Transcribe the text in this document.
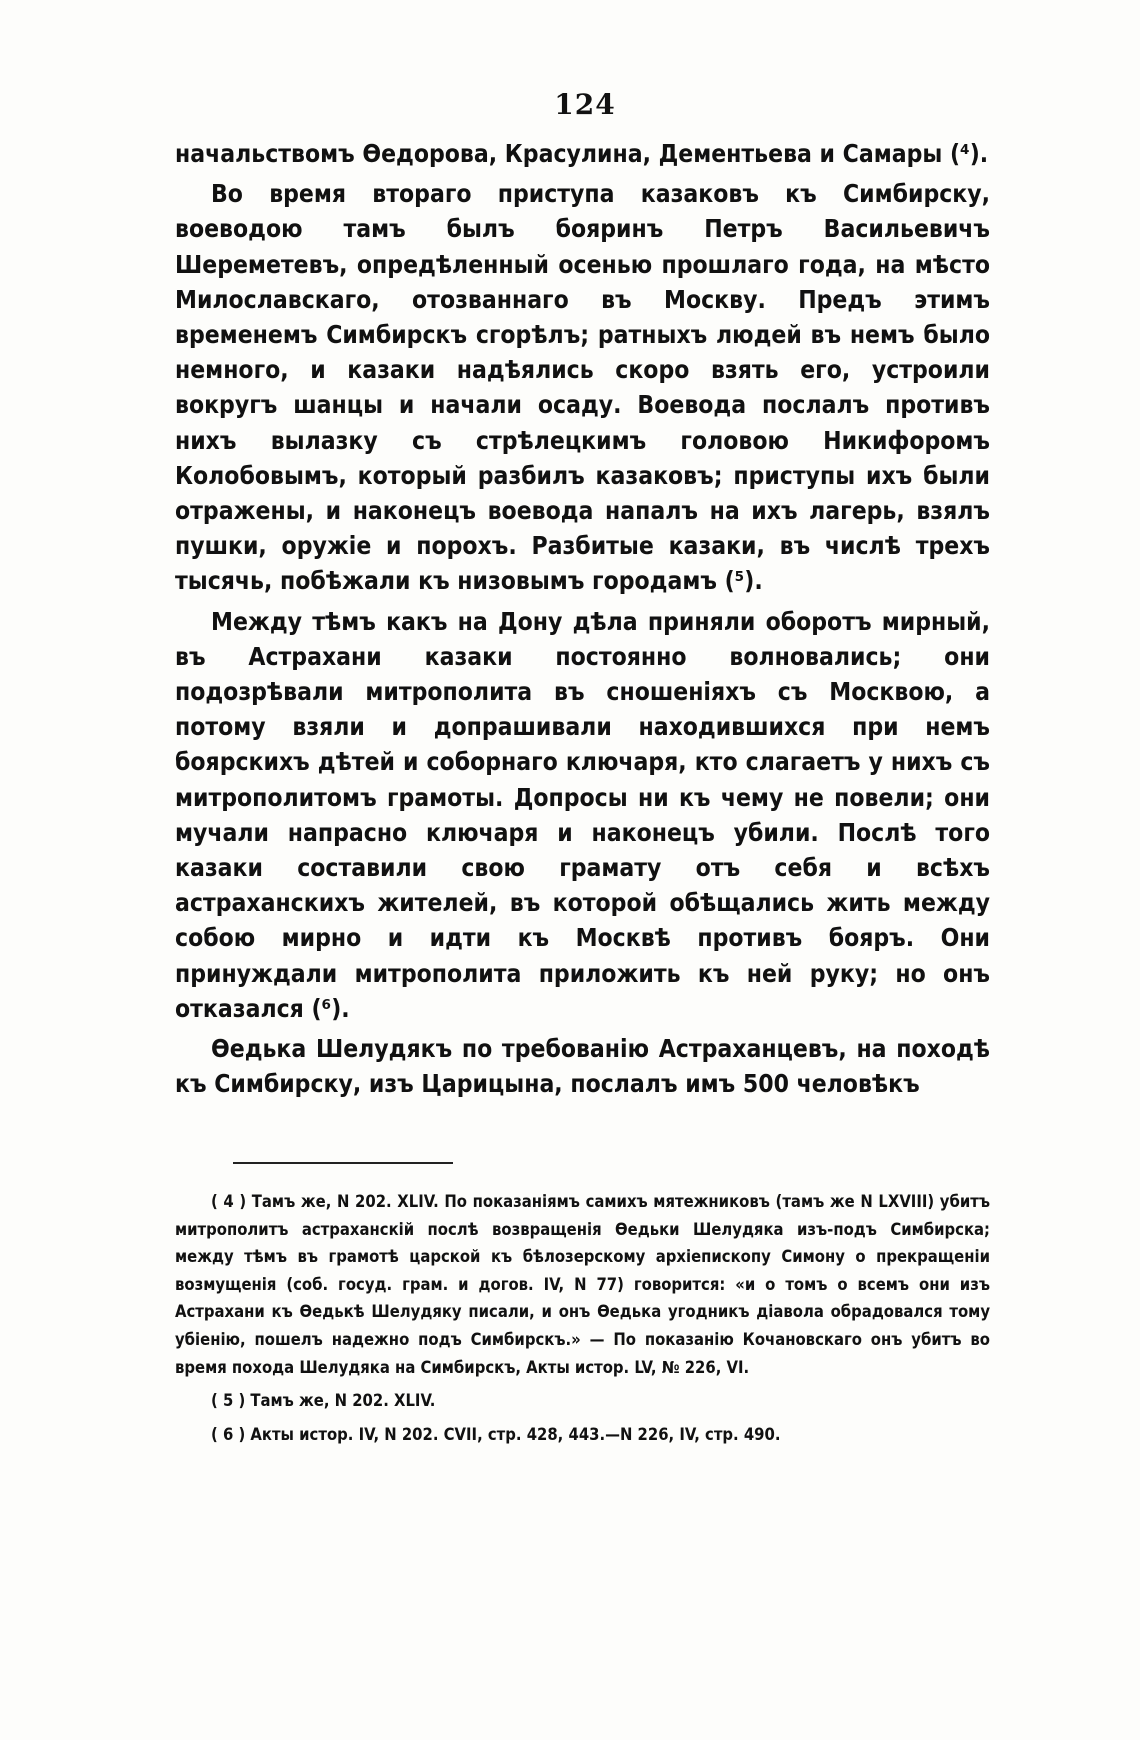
124

начальствомъ Өедорова, Красулина, Дементьева и Самары (⁴).

Во время втораго приступа казаковъ къ Симбирску, воеводою тамъ былъ бояринъ Петръ Васильевичъ Шереметевъ, опредѣленный осенью прошлаго года, на мѣсто Милославскаго, отозваннаго въ Москву. Предъ этимъ временемъ Симбирскъ сгорѣлъ; ратныхъ людей въ немъ было немного, и казаки надѣялись скоро взять его, устроили вокругъ шанцы и начали осаду. Воевода послалъ противъ нихъ вылазку съ стрѣлецкимъ головою Никифоромъ Колобовымъ, который разбилъ казаковъ; приступы ихъ были отражены, и наконецъ воевода напалъ на ихъ лагерь, взялъ пушки, оружіе и порохъ. Разбитые казаки, въ числѣ трехъ тысячь, побѣжали къ низовымъ городамъ (⁵).

Между тѣмъ какъ на Дону дѣла приняли оборотъ мирный, въ Астрахани казаки постоянно волновались; они подозрѣвали митрополита въ сношеніяхъ съ Москвою, а потому взяли и допрашивали находившихся при немъ боярскихъ дѣтей и соборнаго ключаря, кто слагаетъ у нихъ съ митрополитомъ грамоты. Допросы ни къ чему не повели; они мучали напрасно ключаря и наконецъ убили. Послѣ того казаки составили свою грамату отъ себя и всѣхъ астраханскихъ жителей, въ которой обѣщались жить между собою мирно и идти къ Москвѣ противъ бояръ. Они принуждали митрополита приложить къ ней руку; но онъ отказался (⁶).

Өедька Шелудякъ по требованію Астраханцевъ, на походѣ къ Симбирску, изъ Царицына, послалъ имъ 500 человѣкъ

( 4 ) Тамъ же, N 202. XLIV. По показаніямъ самихъ мятежниковъ (тамъ же N LXVIII) убитъ митрополитъ астраханскій послѣ возвращенія Өедьки Шелудяка изъ-подъ Симбирска; между тѣмъ въ грамотѣ царской къ бѣлозерскому архіепископу Симону о прекращеніи возмущенія (соб. госуд. грам. и догов. IV, N 77) говорится: «и о томъ о всемъ они изъ Астрахани къ Өедькѣ Шелудяку писали, и онъ Өедька угодникъ діавола обрадовался тому убіенію, пошелъ надежно подъ Симбирскъ.» — По показанію Кочановскаго онъ убитъ во время похода Шелудяка на Симбирскъ, Акты истор. LV, № 226, VI.

( 5 ) Тамъ же, N 202. XLIV.

( 6 ) Акты истор. IV, N 202. CVII, стр. 428, 443.—N 226, IV, стр. 490.
